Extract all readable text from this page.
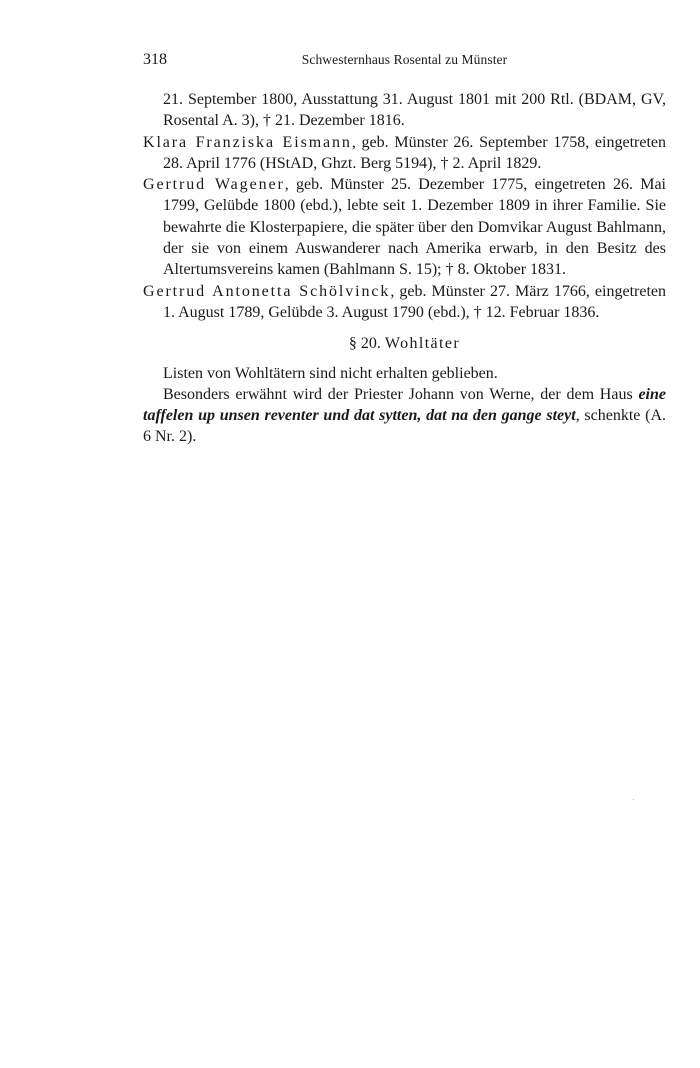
318	Schwesternhaus Rosental zu Münster

21. September 1800, Ausstattung 31. August 1801 mit 200 Rtl. (BDAM, GV, Rosental A. 3), † 21. Dezember 1816.

Klara Franziska Eismann, geb. Münster 26. September 1758, eingetreten 28. April 1776 (HStAD, Ghzt. Berg 5194), † 2. April 1829.

Gertrud Wagener, geb. Münster 25. Dezember 1775, eingetreten 26. Mai 1799, Gelübde 1800 (ebd.), lebte seit 1. Dezember 1809 in ihrer Familie. Sie bewahrte die Klosterpapiere, die später über den Domvikar August Bahlmann, der sie von einem Auswanderer nach Amerika erwarb, in den Besitz des Altertumsvereins kamen (Bahlmann S. 15); † 8. Oktober 1831.

Gertrud Antonetta Schölvinck, geb. Münster 27. März 1766, eingetreten 1. August 1789, Gelübde 3. August 1790 (ebd.), † 12. Februar 1836.

§ 20. Wohltäter

Listen von Wohltätern sind nicht erhalten geblieben.

Besonders erwähnt wird der Priester Johann von Werne, der dem Haus eine taffelen up unsen reventer und dat sytten, dat na den gange steyt, schenkte (A. 6 Nr. 2).
